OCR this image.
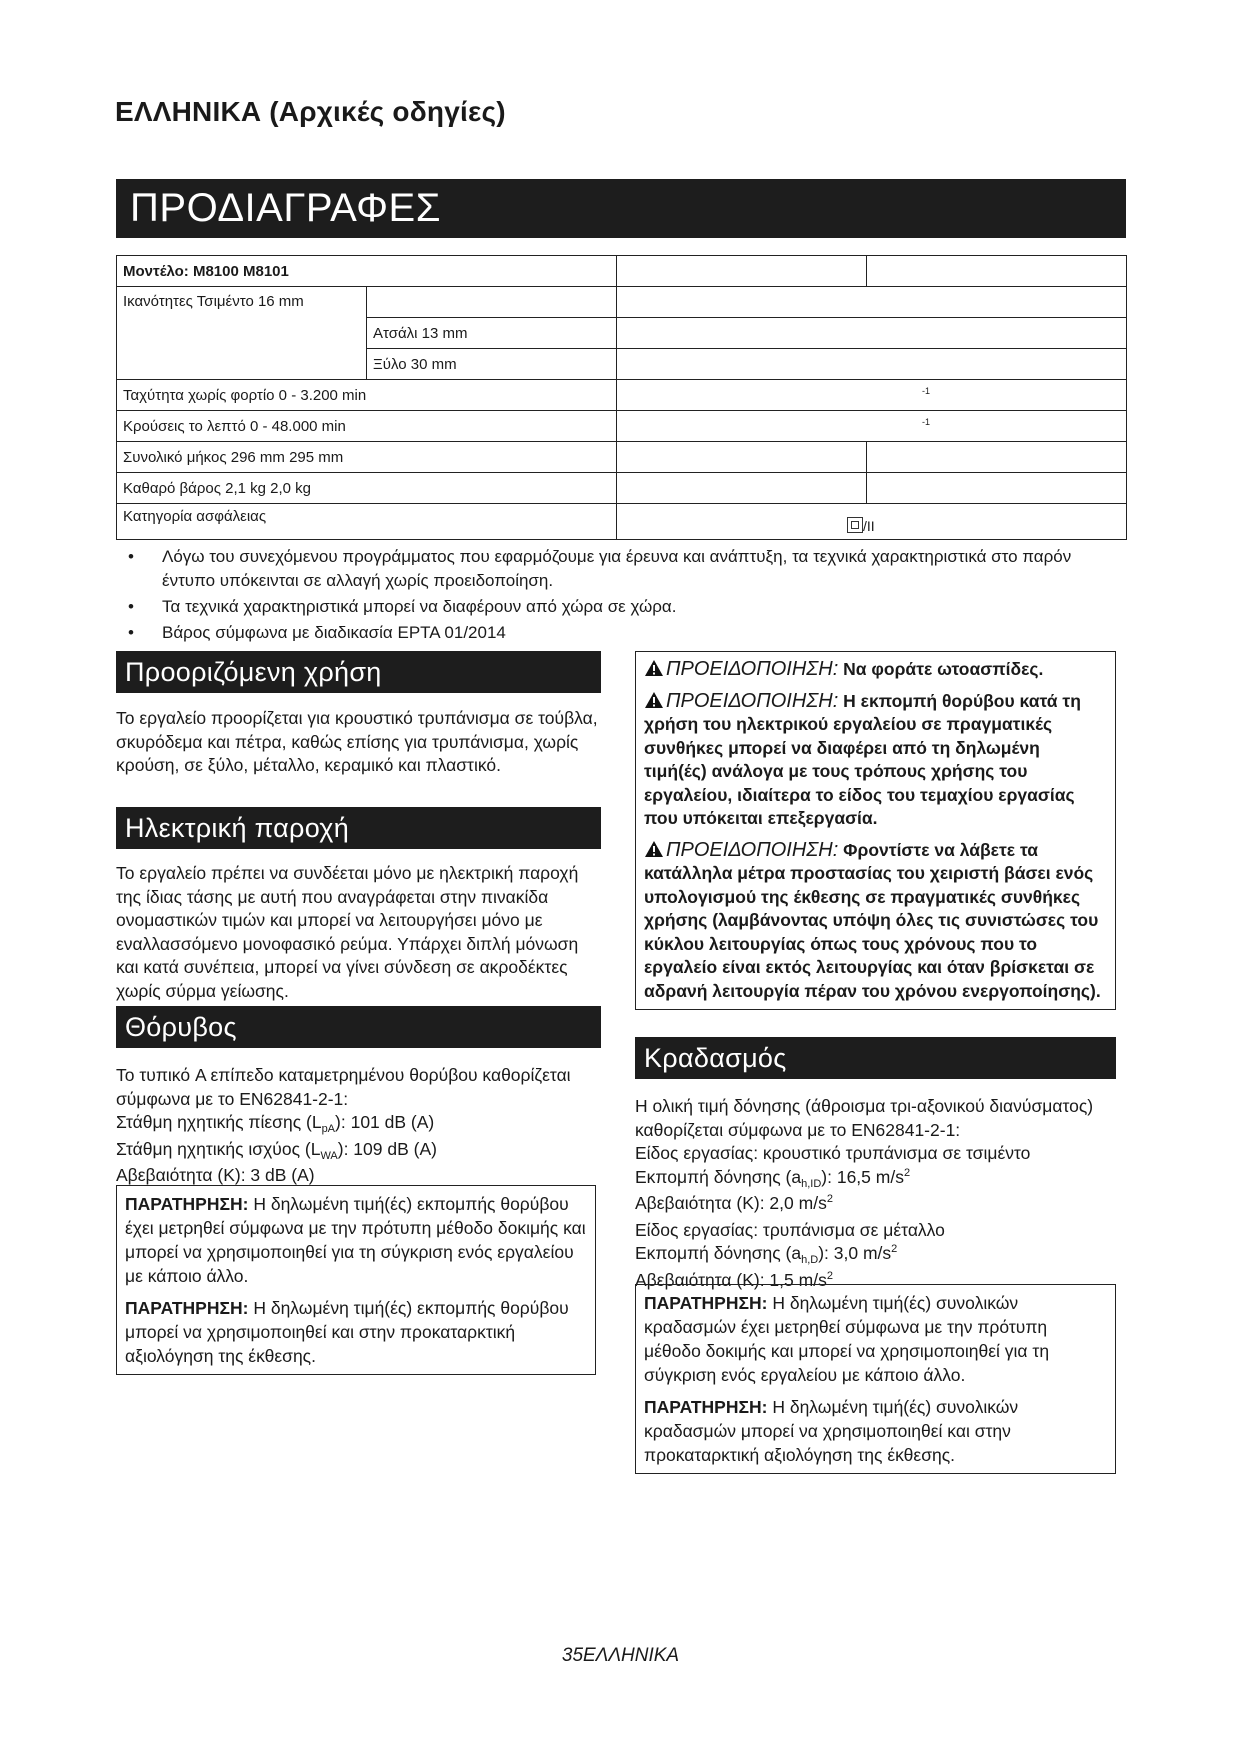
ΕΛΛΗΝΙΚΑ (Αρχικές οδηγίες)
ΠΡΟΔΙΑΓΡΑΦΕΣ
Μοντέλο: M8100 M8101			
Ικανότητες Τσιμέντο 16 mm			
	Ατσάλι 13 mm		
	Ξύλο 30 mm		
Ταχύτητα χωρίς φορτίο 0 - 3.200 min		$^{-1}$
Κρούσεις το λεπτό 0 - 48.000 min		$^{-1}$
Συνολικό μήκος 296 mm 295 mm			
Καθαρό βάρος 2,1 kg 2,0 kg			
Κατηγορία ασφάλειας		/II	
•	Λόγω του συνεχόμενου προγράμματος που εφαρμόζουμε για έρευνα και ανάπτυξη, τα τεχνικά χαρακτηριστικά στο παρόν έντυπο υπόκεινται σε αλλαγή χωρίς προειδοποίηση.
•	Τα τεχνικά χαρακτηριστικά μπορεί να διαφέρουν από χώρα σε χώρα.
•	Βάρος σύμφωνα με διαδικασία EPTA 01/2014
Προοριζόμενη χρήση
Το εργαλείο προορίζεται για κρουστικό τρυπάνισμα σε τούβλα, σκυρόδεμα και πέτρα, καθώς επίσης για τρυπάνισμα, χωρίς κρούση, σε ξύλο, μέταλλο, κεραμικό και πλαστικό.
Ηλεκτρική παροχή
Το εργαλείο πρέπει να συνδέεται μόνο με ηλεκτρική παροχή της ίδιας τάσης με αυτή που αναγράφεται στην πινακίδα ονομαστικών τιμών και μπορεί να λειτουργήσει μόνο με εναλλασσόμενο μονοφασικό ρεύμα. Υπάρχει διπλή μόνωση και κατά συνέπεια, μπορεί να γίνει σύνδεση σε ακροδέκτες χωρίς σύρμα γείωσης.
Θόρυβος
Το τυπικό A επίπεδο καταμετρημένου θορύβου καθορίζεται σύμφωνα με το EN62841-2-1:
Στάθμη ηχητικής πίεσης $(L_{pA})$: 101 dB (A)
Στάθμη ηχητικής ισχύος $(L_{WA})$: 109 dB (A)
Αβεβαιότητα (K): 3 dB (A)

ΠΑΡΑΤΗΡΗΣΗ: Η δηλωμένη τιμή(ές) εκπομπής θορύβου έχει μετρηθεί σύμφωνα με την πρότυπη μέθοδο δοκιμής και μπορεί να χρησιμοποιηθεί για τη σύγκριση ενός εργαλείου με κάποιο άλλο.

ΠΑΡΑΤΗΡΗΣΗ: Η δηλωμένη τιμή(ές) εκπομπής θορύβου μπορεί να χρησιμοποιηθεί και στην προκαταρκτική αξιολόγηση της έκθεσης.

ΠΡΟΕΙΔΟΠΟΙΗΣΗ: Να φοράτε ωτοασπίδες.

ΠΡΟΕΙΔΟΠΟΙΗΣΗ: Η εκπομπή θορύβου κατά τη χρήση του ηλεκτρικού εργαλείου σε πραγματικές συνθήκες μπορεί να διαφέρει από τη δηλωμένη τιμή(ές) ανάλογα με τους τρόπους χρήσης του εργαλείου, ιδιαίτερα το είδος του τεμαχίου εργασίας που υπόκειται επεξεργασία.

ΠΡΟΕΙΔΟΠΟΙΗΣΗ: Φροντίστε να λάβετε τα κατάλληλα μέτρα προστασίας του χειριστή βάσει ενός υπολογισμού της έκθεσης σε πραγματικές συνθήκες χρήσης (λαμβάνοντας υπόψη όλες τις συνιστώσες του κύκλου λειτουργίας όπως τους χρόνους που το εργαλείο είναι εκτός λειτουργίας και όταν βρίσκεται σε αδρανή λειτουργία πέραν του χρόνου ενεργοποίησης).

Κραδασμός
Η ολική τιμή δόνησης (άθροισμα τρι-αξονικού διανύσματος) καθορίζεται σύμφωνα με το EN62841-2-1:
Είδος εργασίας: κρουστικό τρυπάνισμα σε τσιμέντο
Εκπομπή δόνησης $(a_{h,ID})$: 16,5 $m/s^2$
Αβεβαιότητα (K): 2,0 $m/s^2$
Είδος εργασίας: τρυπάνισμα σε μέταλλο
Εκπομπή δόνησης $(a_{h,D})$: 3,0 $m/s^2$
Αβεβαιότητα (K): 1,5 $m/s^2$

ΠΑΡΑΤΗΡΗΣΗ: Η δηλωμένη τιμή(ές) συνολικών κραδασμών έχει μετρηθεί σύμφωνα με την πρότυπη μέθοδο δοκιμής και μπορεί να χρησιμοποιηθεί για τη σύγκριση ενός εργαλείου με κάποιο άλλο.

ΠΑΡΑΤΗΡΗΣΗ: Η δηλωμένη τιμή(ές) συνολικών κραδασμών μπορεί να χρησιμοποιηθεί και στην προκαταρκτική αξιολόγηση της έκθεσης.

35ΕΛΛΗΝΙΚΑ
